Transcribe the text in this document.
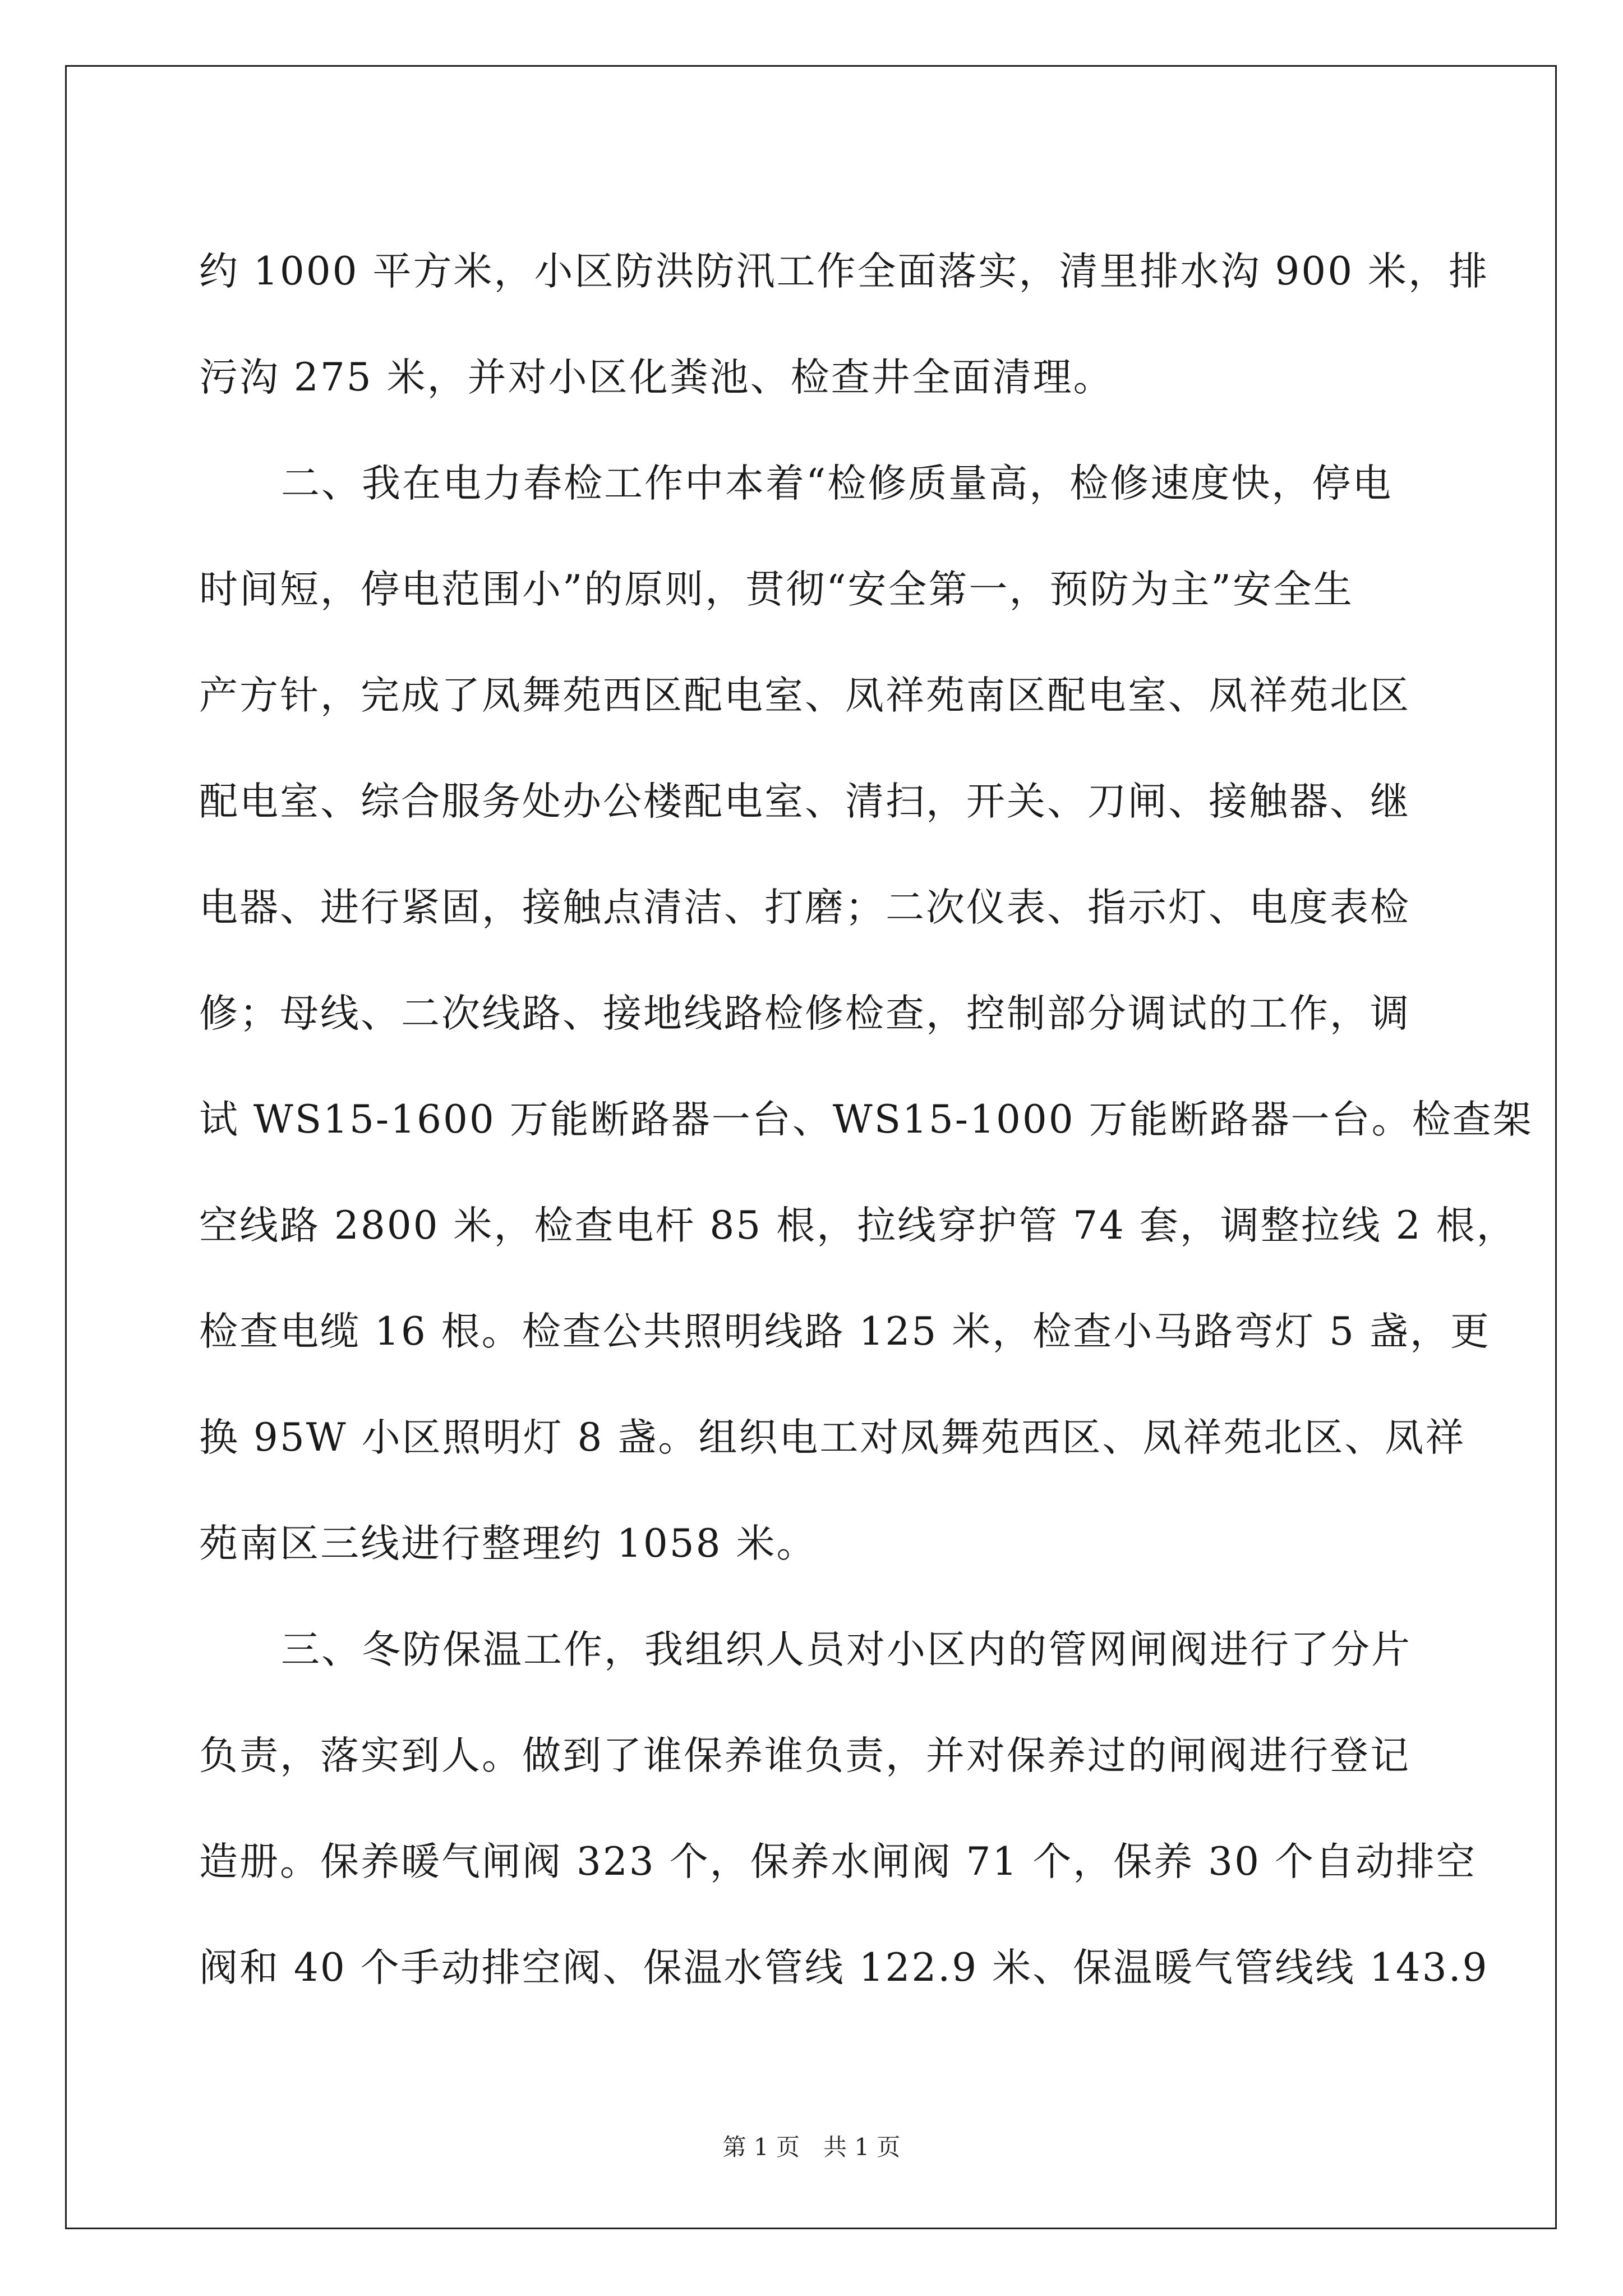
约 1000 平方米，小区防洪防汛工作全面落实，清里排水沟 900 米，排
污沟 275 米，并对小区化粪池、检查井全面清理。
二、我在电力春检工作中本着“检修质量高，检修速度快，停电
时间短，停电范围小”的原则，贯彻“安全第一，预防为主”安全生
产方针，完成了凤舞苑西区配电室、凤祥苑南区配电室、凤祥苑北区
配电室、综合服务处办公楼配电室、清扫，开关、刀闸、接触器、继
电器、进行紧固，接触点清洁、打磨；二次仪表、指示灯、电度表检
修；母线、二次线路、接地线路检修检查，控制部分调试的工作，调
试 WS15-1600 万能断路器一台、WS15-1000 万能断路器一台。检查架
空线路 2800 米，检查电杆 85 根，拉线穿护管 74 套，调整拉线 2 根，
检查电缆 16 根。检查公共照明线路 125 米，检查小马路弯灯 5 盏，更
换 95W 小区照明灯 8 盏。组织电工对凤舞苑西区、凤祥苑北区、凤祥
苑南区三线进行整理约 1058 米。
三、冬防保温工作，我组织人员对小区内的管网闸阀进行了分片
负责，落实到人。做到了谁保养谁负责，并对保养过的闸阀进行登记
造册。保养暖气闸阀 323 个，保养水闸阀 71 个，保养 30 个自动排空
阀和 40 个手动排空阀、保温水管线 122.9 米、保温暖气管线线 143.9
第 1 页　共 1 页
